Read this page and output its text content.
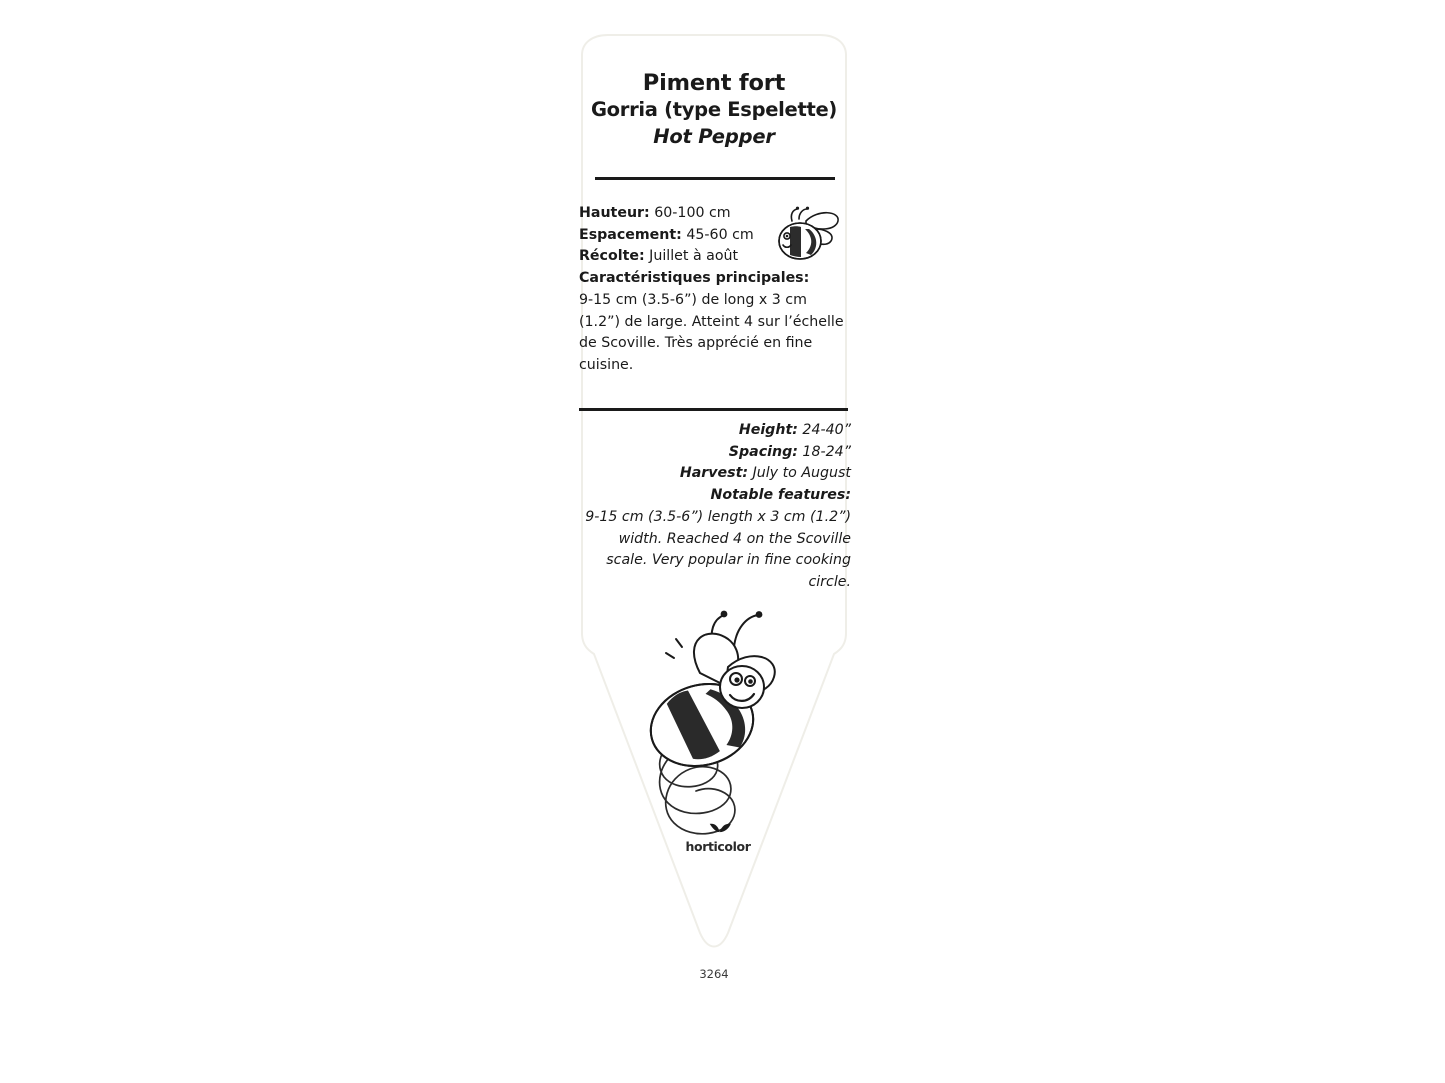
Piment fort
Gorria (type Espelette)
Hot Pepper
Hauteur: 60-100 cm
Espacement: 45-60 cm
Récolte: Juillet à août
Caractéristiques principales:
9-15 cm (3.5-6”) de long x 3 cm (1.2”) de large. Atteint 4 sur l’échelle de Scoville. Très apprécié en fine cuisine.
Height: 24-40”
Spacing: 18-24”
Harvest: July to August
Notable features:
9-15 cm (3.5-6”) length x 3 cm (1.2”) width. Reached 4 on the Scoville scale. Very popular in fine cooking circle.
horticolor
3264
